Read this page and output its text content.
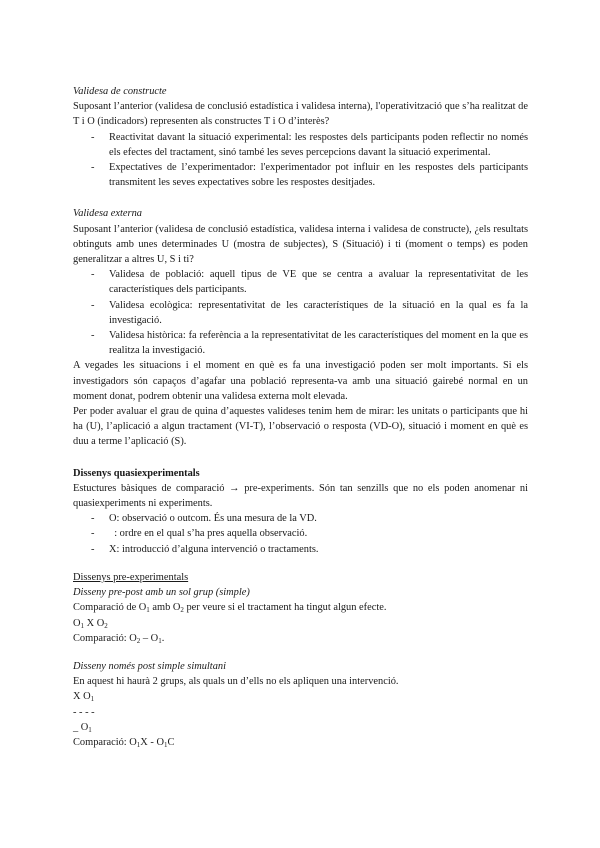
Validesa de constructe

Suposant l’anterior (validesa de conclusió estadística i validesa interna), l'operativització que s’ha realitzat de T i O (indicadors) representen als constructes T i O d’interès?

- Reactivitat davant la situació experimental: les respostes dels participants poden reflectir no només els efectes del tractament, sinó també les seves percepcions davant la situació experimental.
- Expectatives de l’experimentador: l'experimentador pot influir en les respostes dels participants transmitent les seves expectatives sobre les respostes desitjades.

Validesa externa

Suposant l’anterior (validesa de conclusió estadística, validesa interna i validesa de constructe), ¿els resultats obtinguts amb unes determinades U (mostra de subjectes), S (Situació) i ti (moment o temps) es poden generalitzar a altres U, S i ti?

- Validesa de població: aquell tipus de VE que se centra a avaluar la representativitat de les característiques dels participants.
- Validesa ecològica: representativitat de les característiques de la situació en la qual es fa la investigació.
- Validesa històrica: fa referència a la representativitat de les característiques del moment en la que es realitza la investigació.

A vegades les situacions i el moment en què es fa una investigació poden ser molt importants. Si els investigadors són capaços d’agafar una població representa-va amb una situació gairebé normal en un moment donat, podrem obtenir una validesa externa molt elevada.

Per poder avaluar el grau de quina d’aquestes valideses tenim hem de mirar: les unitats o participants que hi ha (U), l’aplicació a algun tractament (VI-T), l’observació o resposta (VD-O), situació i moment en què es duu a terme l’aplicació (S).

Dissenys quasiexperimentals

Estuctures bàsiques de comparació → pre-experiments. Són tan senzills que no els poden anomenar ni quasiexperiments ni experiments.

- O: observació o outcom. És una mesura de la VD.
- : ordre en el qual s’ha pres aquella observació.
- X: introducció d’alguna intervenció o tractaments.

Dissenys pre-experimentals

Disseny pre-post amb un sol grup (simple)

Comparació de $O_1$ amb $O_2$ per veure si el tractament ha tingut algun efecte.

$O_1$ X $O_2$

Comparació: $O_2 - O_1$.

Disseny només post simple simultani

En aquest hi haurà 2 grups, als quals un d’ells no els apliquen una intervenció.

X $O_1$

- - - -

_ $O_1$

Comparació: $O_1X - O_1C$
